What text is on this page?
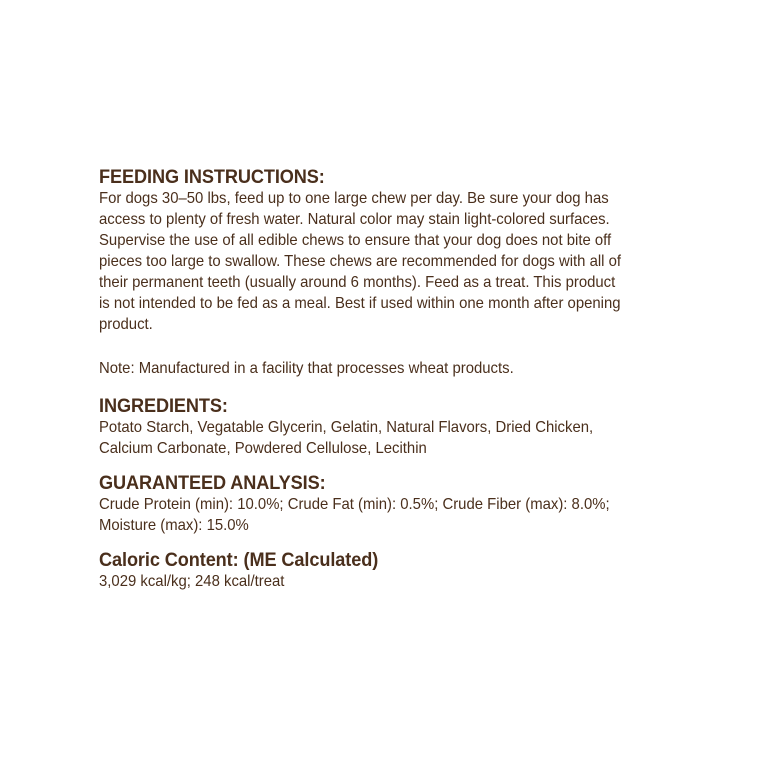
FEEDING INSTRUCTIONS:

For dogs 30–50 lbs, feed up to one large chew per day. Be sure your dog has
access to plenty of fresh water. Natural color may stain light-colored surfaces.
Supervise the use of all edible chews to ensure that your dog does not bite off
pieces too large to swallow. These chews are recommended for dogs with all of
their permanent teeth (usually around 6 months). Feed as a treat. This product
is not intended to be fed as a meal. Best if used within one month after opening
product.

Note: Manufactured in a facility that processes wheat products.

INGREDIENTS:

Potato Starch, Vegatable Glycerin, Gelatin, Natural Flavors, Dried Chicken,
Calcium Carbonate, Powdered Cellulose, Lecithin

GUARANTEED ANALYSIS:

Crude Protein (min): 10.0%; Crude Fat (min): 0.5%; Crude Fiber (max): 8.0%;
Moisture (max): 15.0%

Caloric Content: (ME Calculated)

3,029 kcal/kg; 248 kcal/treat
